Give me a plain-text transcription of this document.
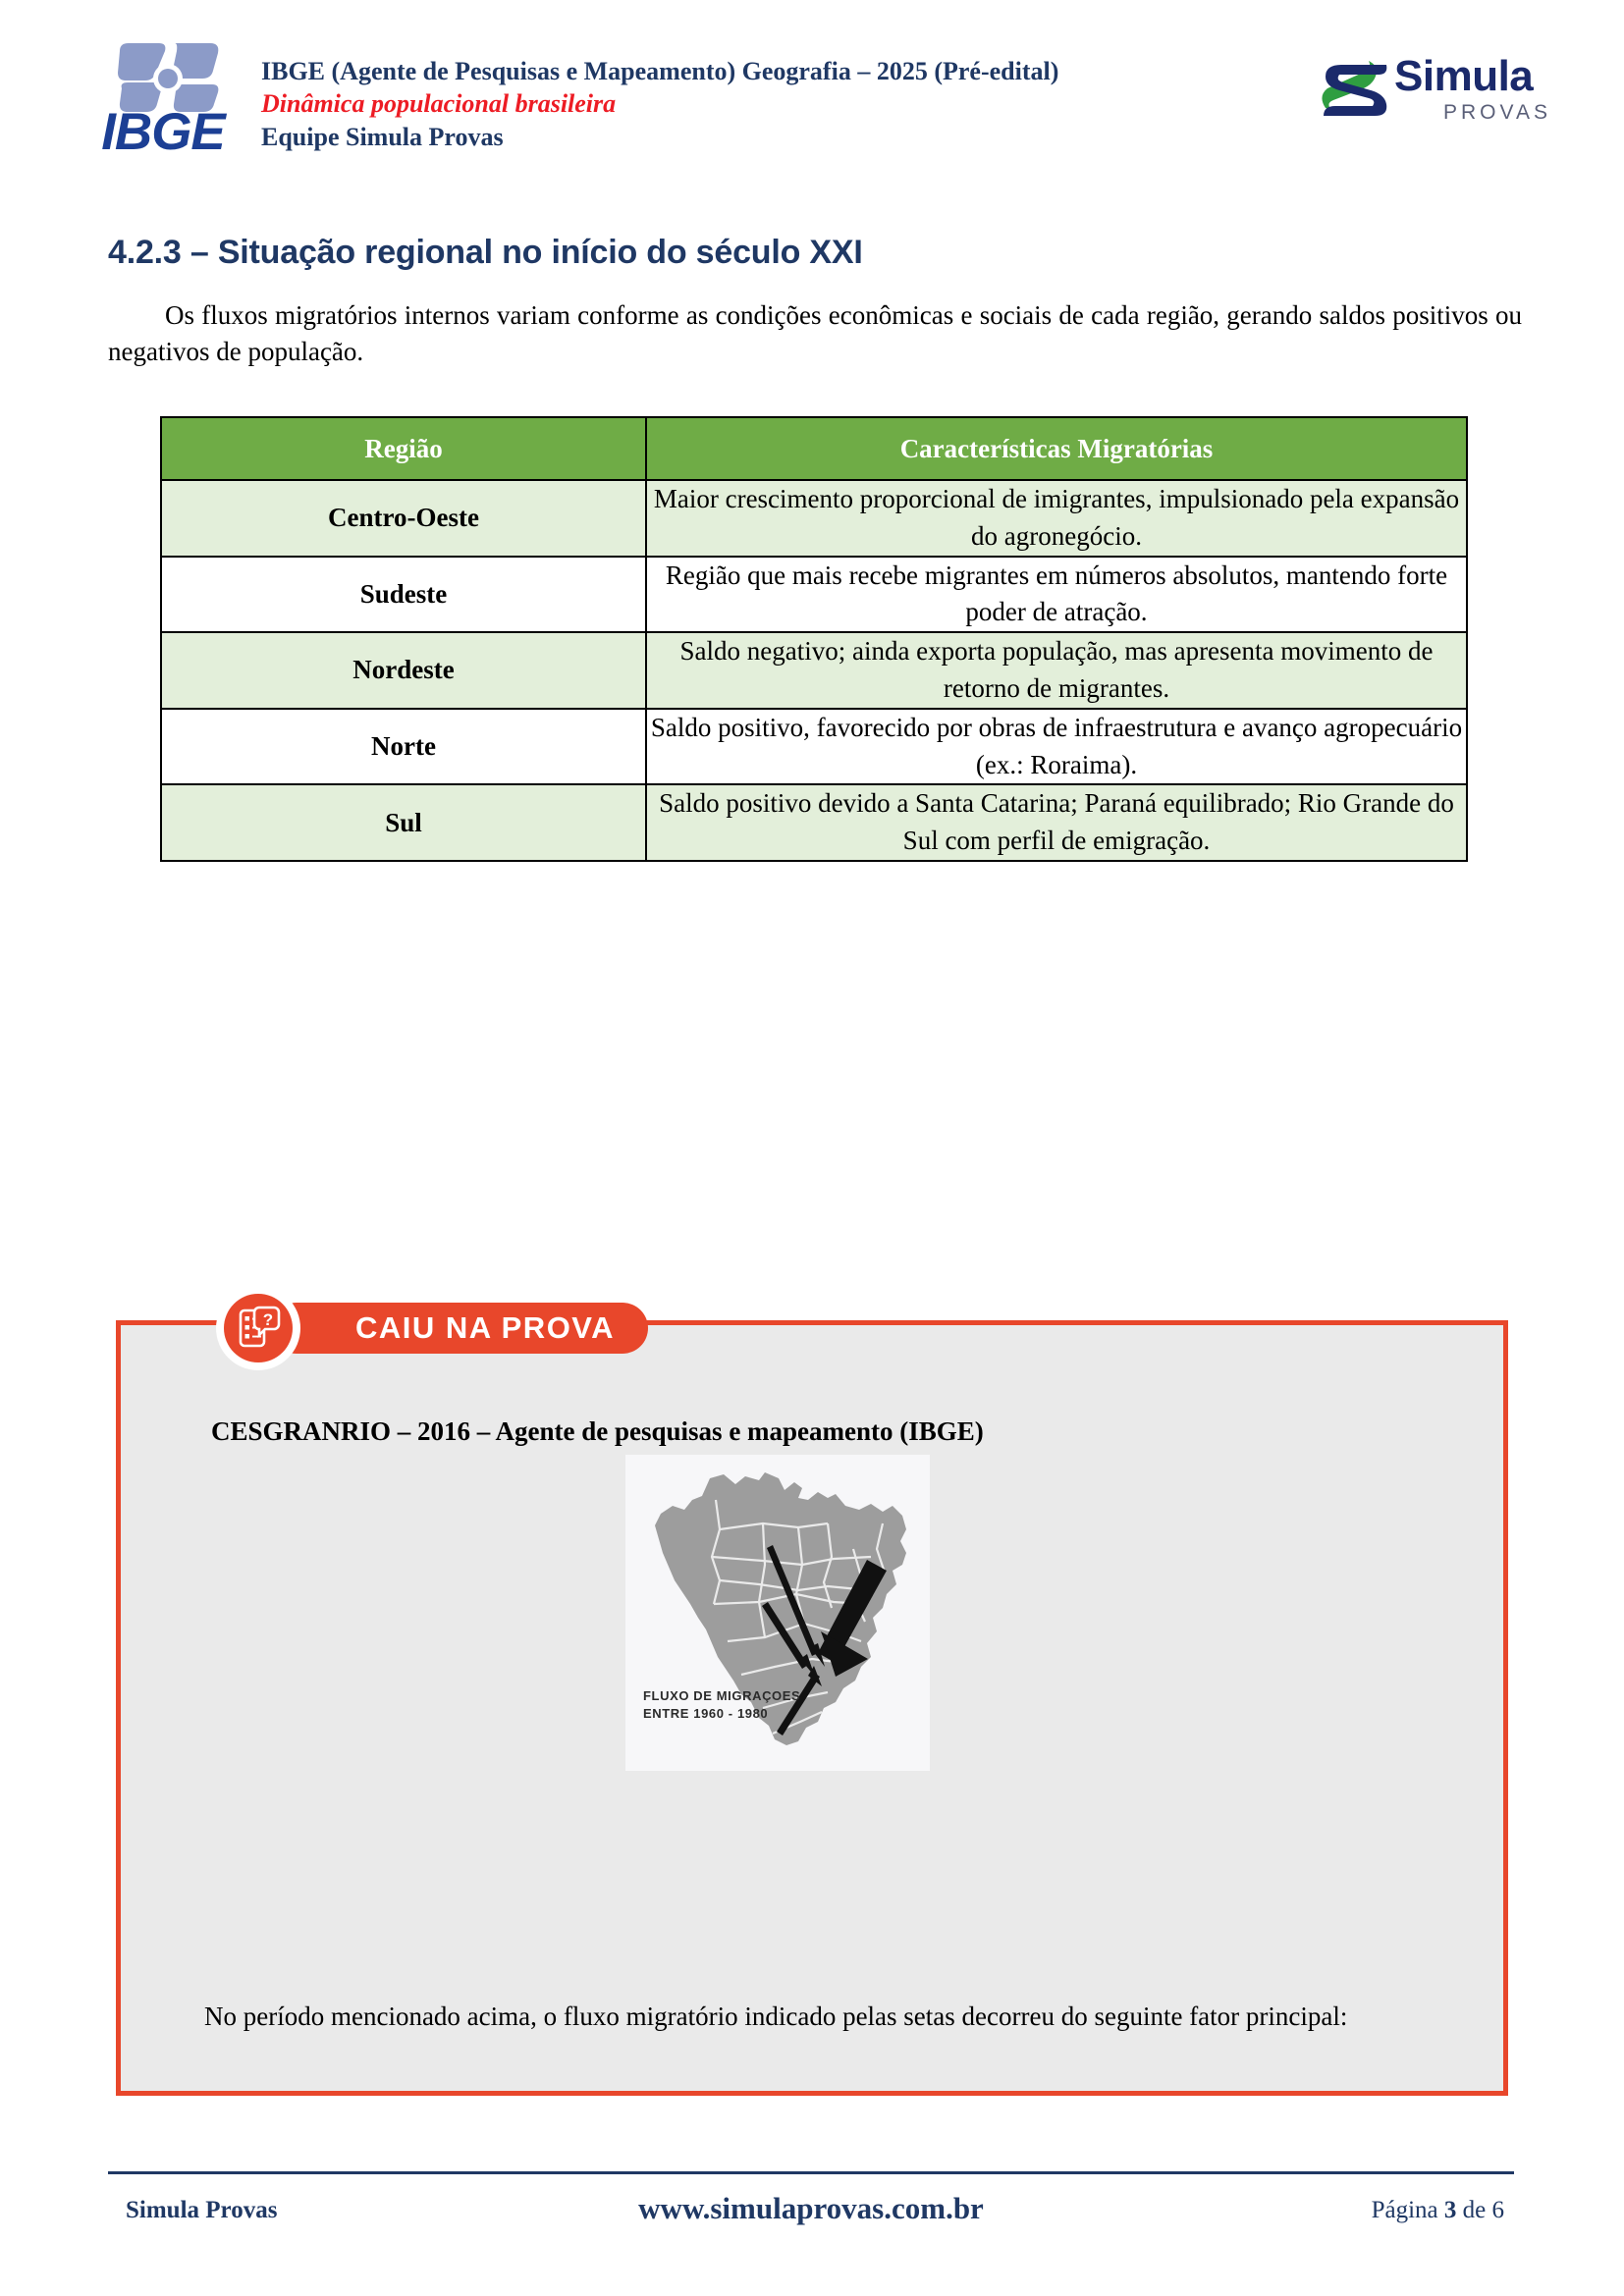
IBGE
IBGE (Agente de Pesquisas e Mapeamento) Geografia – 2025 (Pré-edital)
Dinâmica populacional brasileira
Equipe Simula Provas
Simula
PROVAS
4.2.3 – Situação regional no início do século XXI
Os fluxos migratórios internos variam conforme as condições econômicas e sociais de cada região, gerando saldos positivos ou negativos de população.
Região	Características Migratórias
Centro-Oeste	Maior crescimento proporcional de imigrantes, impulsionado pela expansão do agronegócio.
Sudeste	Região que mais recebe migrantes em números absolutos, mantendo forte poder de atração.
Nordeste	Saldo negativo; ainda exporta população, mas apresenta movimento de retorno de migrantes.
Norte	Saldo positivo, favorecido por obras de infraestrutura e avanço agropecuário (ex.: Roraima).
Sul	Saldo positivo devido a Santa Catarina; Paraná equilibrado; Rio Grande do Sul com perfil de emigração.
CAIU NA PROVA
?
CESGRANRIO – 2016 – Agente de pesquisas e mapeamento (IBGE)
FLUXO DE MIGRAÇOES
ENTRE 1960 - 1980
No período mencionado acima, o fluxo migratório indicado pelas setas decorreu do seguinte fator principal:
Simula Provas	www.simulaprovas.com.br	Página 3 de 6
